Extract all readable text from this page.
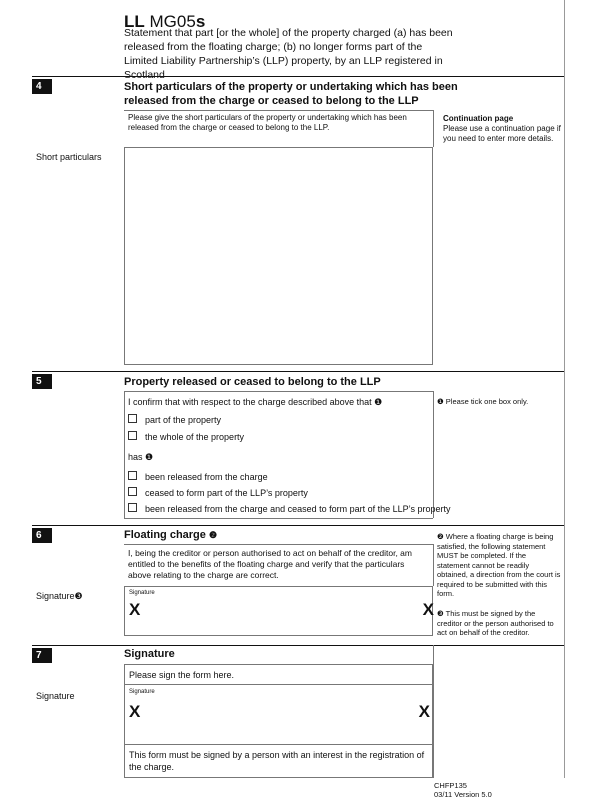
LL MG05s
Statement that part [or the whole] of the property charged (a) has been released from the floating charge; (b) no longer forms part of the Limited Liability Partnership’s (LLP) property, by an LLP registered in Scotland
4	Short particulars of the property or undertaking which has been
released from the charge or ceased to belong to the LLP
Please give the short particulars of the property or undertaking which has been released from the charge or ceased to belong to the LLP.
Continuation page
Please use a continuation page if you need to enter more details.
Short particulars
5	Property released or ceased to belong to the LLP
I confirm that with respect to the charge described above that ❶	❶ Please tick one box only.
part of the property
the whole of the property
has ❶
been released from the charge
ceased to form part of the LLP’s property
been released from the charge and ceased to form part of the LLP’s property
6	Floating charge ❷
I, being the creditor or person authorised to act on behalf of the creditor, am entitled to the benefits of the floating charge and verify that the particulars above relating to the charge are correct.
Signature
X	X
Signature❸
❷ Where a floating charge is being satisfied, the following statement MUST be completed. If the statement cannot be readily obtained, a direction from the court is required to be submitted with this form.
❸ This must be signed by the creditor or the person authorised to act on behalf of the creditor.
7	Signature
Please sign the form here.
Signature	Signature
X	X
This form must be signed by a person with an interest in the registration of the charge.
CHFP135
03/11 Version 5.0
